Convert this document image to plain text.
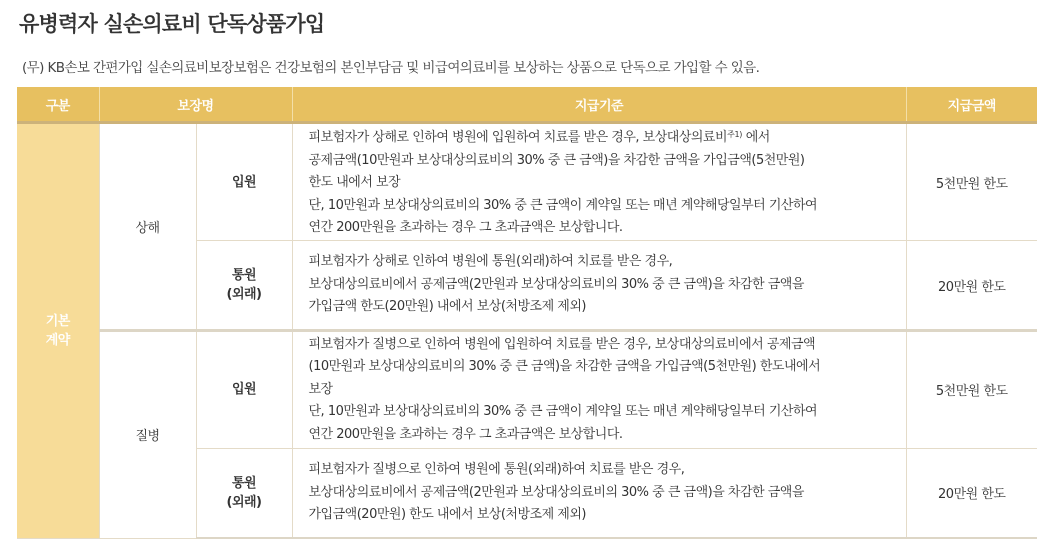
유병력자 실손의료비 단독상품가입
(무) KB손보 간편가입 실손의료비보장보험은 건강보험의 본인부담금 및 비급여의료비를 보상하는 상품으로 단독으로 가입할 수 있음.
구분	보장명		지급기준	지급금액

기본
계약	상해	입원	피보험자가 상해로 인하여 병원에 입원하여 치료를 받은 경우, 보상대상의료비$^{주1)}$ 에서
공제금액(10만원과 보상대상의료비의 30% 중 큰 금액)을 차감한 금액을 가입금액(5천만원)
한도 내에서 보장
단, 10만원과 보상대상의료비의 30% 중 큰 금액이 계약일 또는 매년 계약해당일부터 기산하여
연간 200만원을 초과하는 경우 그 초과금액은 보상합니다.	5천만원 한도

		통원
(외래)	피보험자가 상해로 인하여 병원에 통원(외래)하여 치료를 받은 경우,
보상대상의료비에서 공제금액(2만원과 보상대상의료비의 30% 중 큰 금액)을 차감한 금액을
가입금액 한도(20만원) 내에서 보상(처방조제 제외)	20만원 한도
	질병	입원	피보험자가 질병으로 인하여 병원에 입원하여 치료를 받은 경우, 보상대상의료비에서 공제금액
(10만원과 보상대상의료비의 30% 중 큰 금액)을 차감한 금액을 가입금액(5천만원) 한도내에서
보장
단, 10만원과 보상대상의료비의 30% 중 큰 금액이 계약일 또는 매년 계약해당일부터 기산하여
연간 200만원을 초과하는 경우 그 초과금액은 보상합니다.	5천만원 한도

		통원
(외래)	피보험자가 질병으로 인하여 병원에 통원(외래)하여 치료를 받은 경우,
보상대상의료비에서 공제금액(2만원과 보상대상의료비의 30% 중 큰 금액)을 차감한 금액을
가입금액(20만원) 한도 내에서 보상(처방조제 제외)	20만원 한도
